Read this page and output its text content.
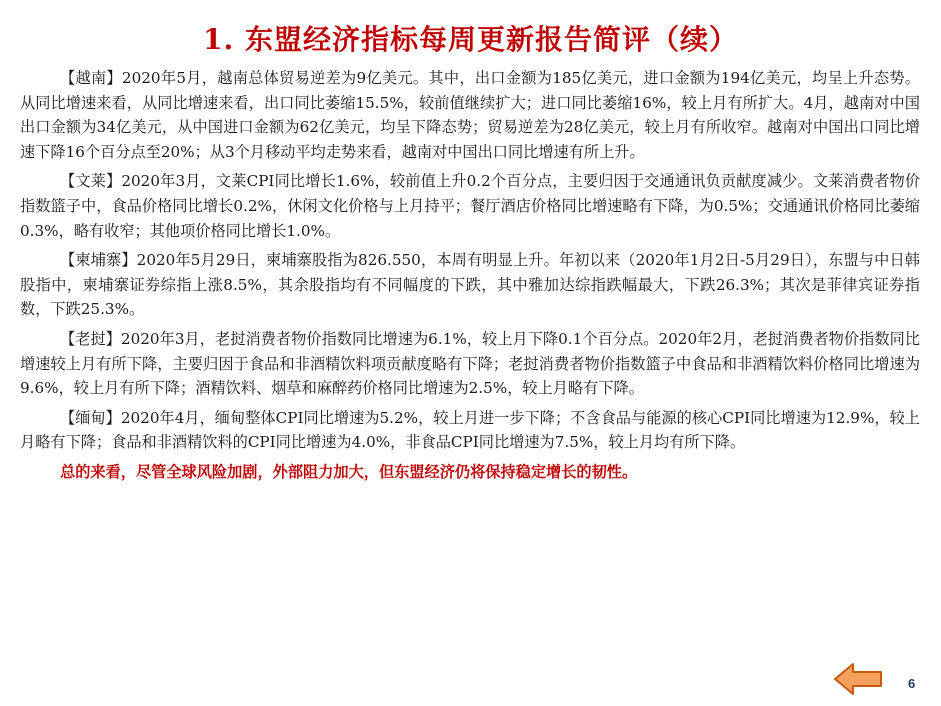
1. 东盟经济指标每周更新报告简评（续）

【越南】2020年5月，越南总体贸易逆差为9亿美元。其中，出口金额为185亿美元，进口金额为194亿美元，均呈上升态势。从同比增速来看，从同比增速来看，出口同比萎缩15.5%，较前值继续扩大；进口同比萎缩16%，较上月有所扩大。4月，越南对中国出口金额为34亿美元，从中国进口金额为62亿美元，均呈下降态势；贸易逆差为28亿美元，较上月有所收窄。越南对中国出口同比增速下降16个百分点至20%；从3个月移动平均走势来看，越南对中国出口同比增速有所上升。

【文莱】2020年3月，文莱CPI同比增长1.6%，较前值上升0.2个百分点，主要归因于交通通讯负贡献度减少。文莱消费者物价指数篮子中，食品价格同比增长0.2%，休闲文化价格与上月持平；餐厅酒店价格同比增速略有下降，为0.5%；交通通讯价格同比萎缩0.3%，略有收窄；其他项价格同比增长1.0%。

【柬埔寨】2020年5月29日，柬埔寨股指为826.550，本周有明显上升。年初以来（2020年1月2日-5月29日），东盟与中日韩股指中，柬埔寨证券综指上涨8.5%，其余股指均有不同幅度的下跌，其中雅加达综指跌幅最大，下跌26.3%；其次是菲律宾证券指数，下跌25.3%。

【老挝】2020年3月，老挝消费者物价指数同比增速为6.1%，较上月下降0.1个百分点。2020年2月，老挝消费者物价指数同比增速较上月有所下降，主要归因于食品和非酒精饮料项贡献度略有下降；老挝消费者物价指数篮子中食品和非酒精饮料价格同比增速为9.6%，较上月有所下降；酒精饮料、烟草和麻醉药价格同比增速为2.5%，较上月略有下降。

【缅甸】2020年4月，缅甸整体CPI同比增速为5.2%，较上月进一步下降；不含食品与能源的核心CPI同比增速为12.9%，较上月略有下降；食品和非酒精饮料的CPI同比增速为4.0%，非食品CPI同比增速为7.5%，较上月均有所下降。

总的来看，尽管全球风险加剧，外部阻力加大，但东盟经济仍将保持稳定增长的韧性。

6
